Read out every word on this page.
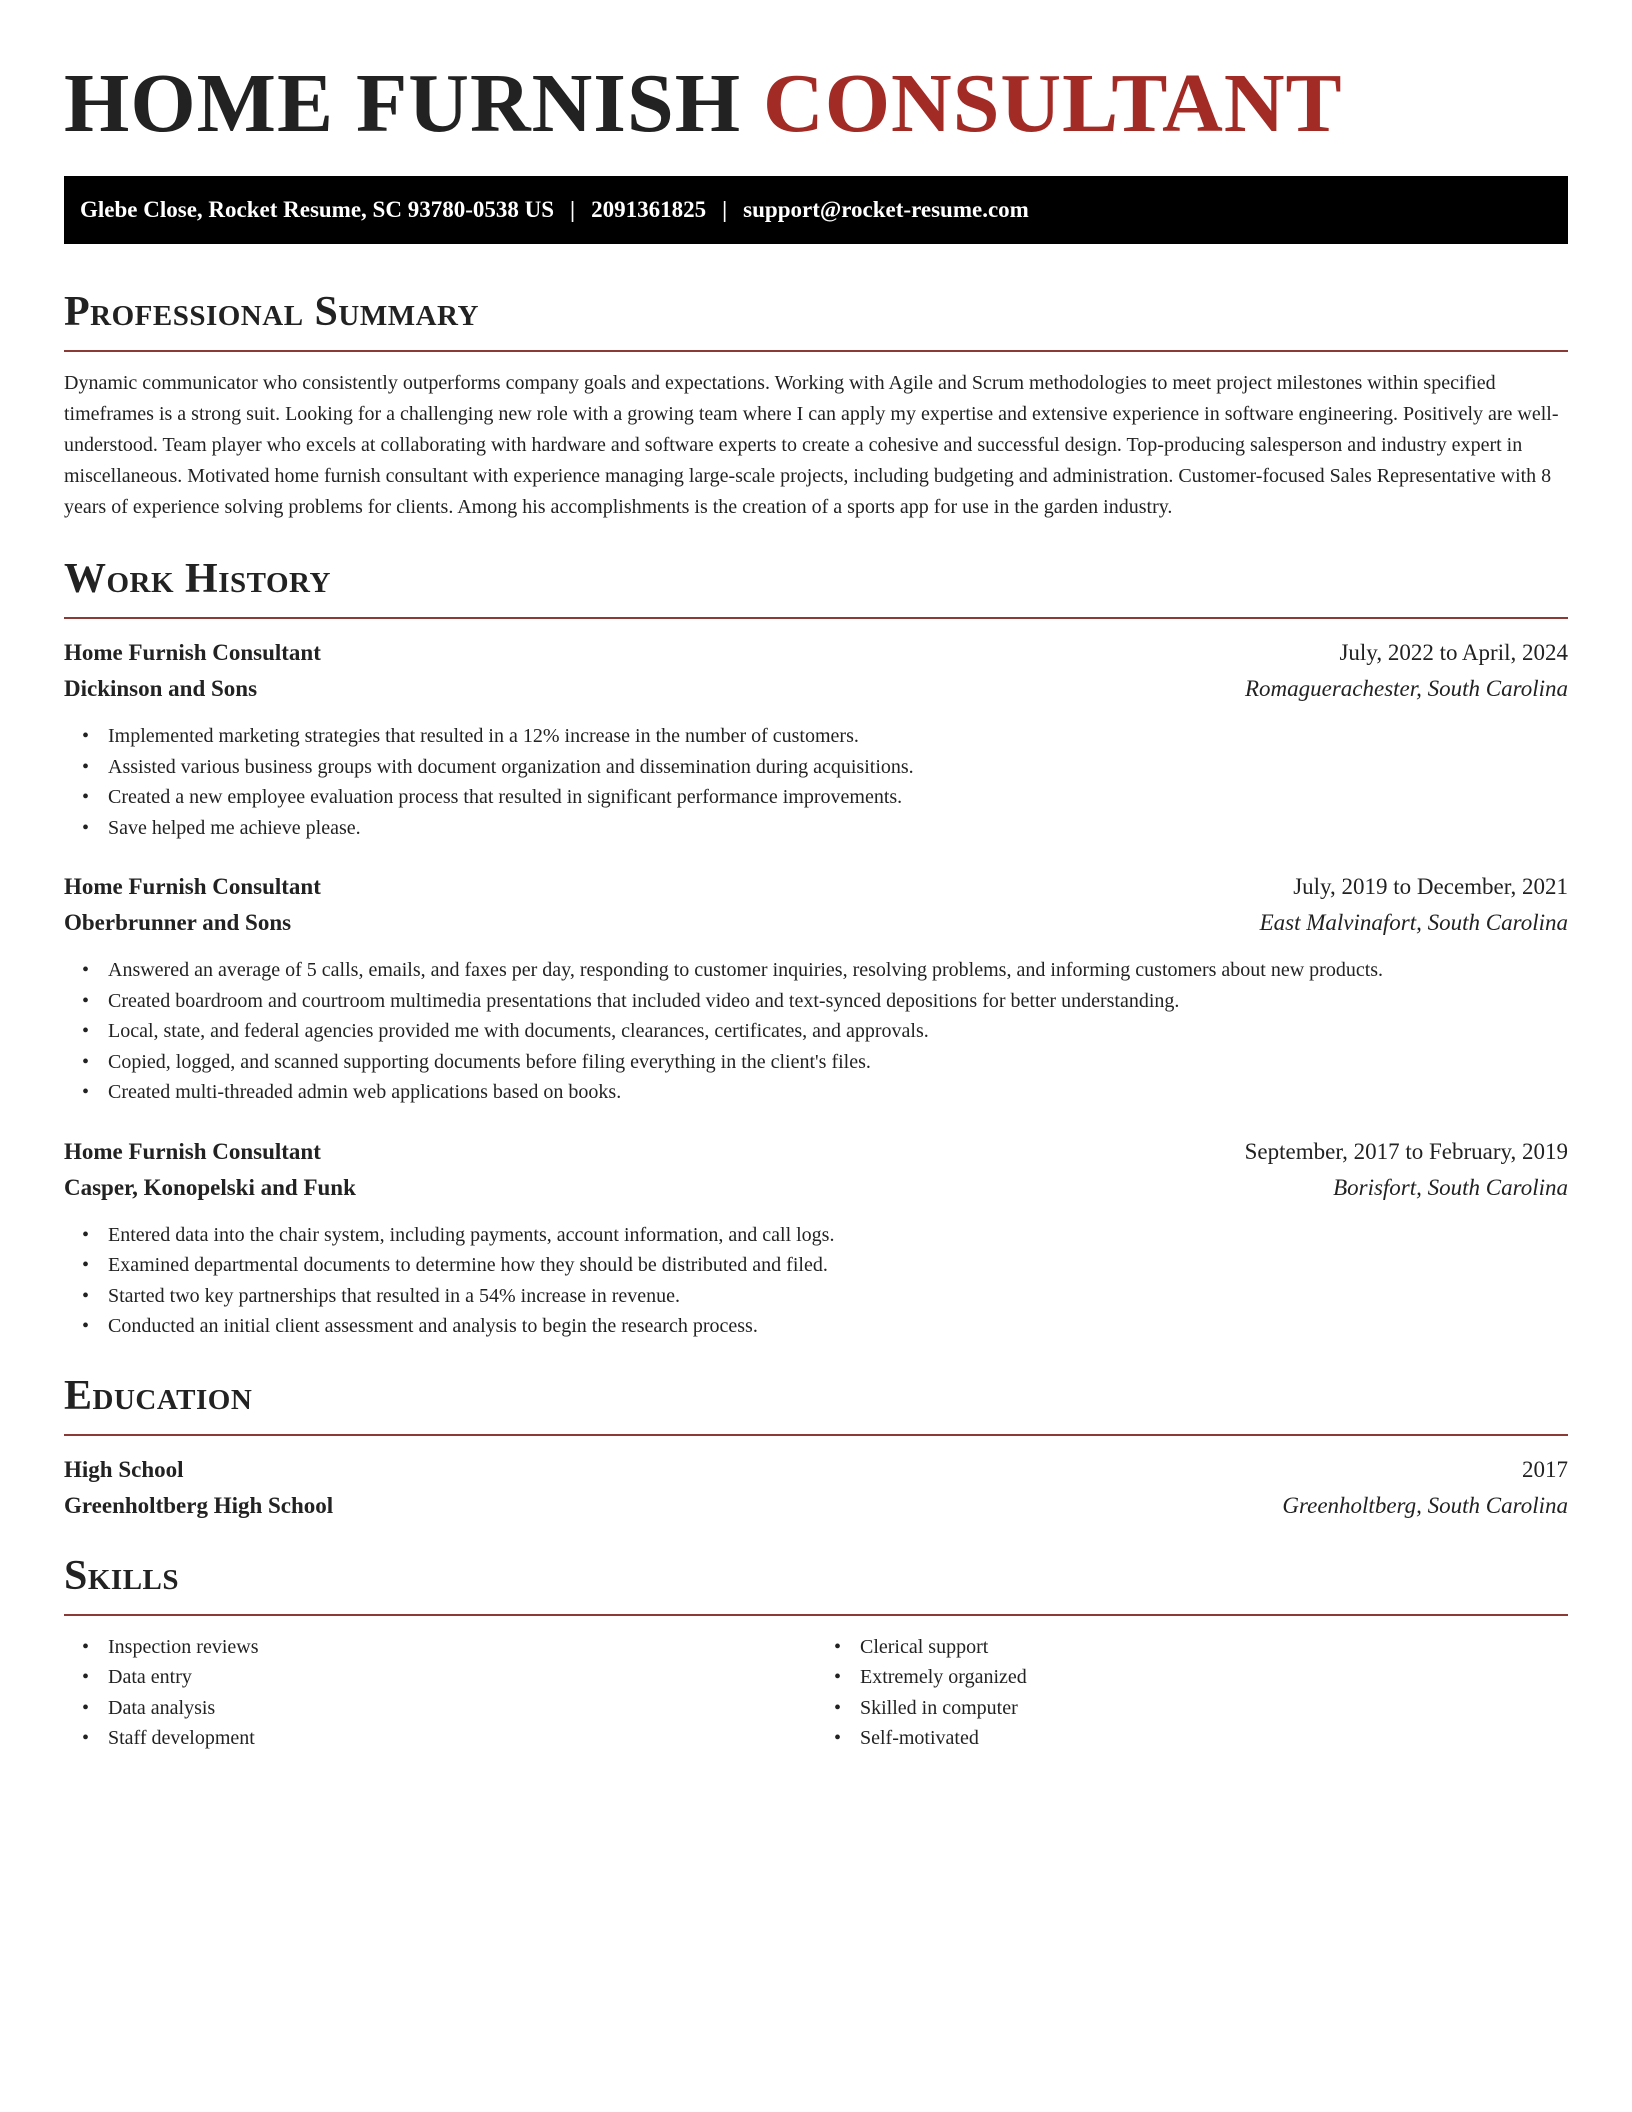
HOME FURNISH CONSULTANT
Glebe Close, Rocket Resume, SC 93780-0538 US | 2091361825 | support@rocket-resume.com
Professional Summary

Dynamic communicator who consistently outperforms company goals and expectations. Working with Agile and Scrum methodologies to meet project milestones within specified timeframes is a strong suit. Looking for a challenging new role with a growing team where I can apply my expertise and extensive experience in software engineering. Positively are well-understood. Team player who excels at collaborating with hardware and software experts to create a cohesive and successful design. Top-producing salesperson and industry expert in miscellaneous. Motivated home furnish consultant with experience managing large-scale projects, including budgeting and administration. Customer-focused Sales Representative with 8 years of experience solving problems for clients. Among his accomplishments is the creation of a sports app for use in the garden industry.

Work History
Home Furnish Consultant	July, 2022 to April, 2024
Dickinson and Sons	Romaguerachester, South Carolina
• Implemented marketing strategies that resulted in a 12% increase in the number of customers.
• Assisted various business groups with document organization and dissemination during acquisitions.
• Created a new employee evaluation process that resulted in significant performance improvements.
• Save helped me achieve please.
Home Furnish Consultant	July, 2019 to December, 2021
Oberbrunner and Sons	East Malvinafort, South Carolina
• Answered an average of 5 calls, emails, and faxes per day, responding to customer inquiries, resolving problems, and informing customers about new products.
• Created boardroom and courtroom multimedia presentations that included video and text-synced depositions for better understanding.
• Local, state, and federal agencies provided me with documents, clearances, certificates, and approvals.
• Copied, logged, and scanned supporting documents before filing everything in the client's files.
• Created multi-threaded admin web applications based on books.
Home Furnish Consultant	September, 2017 to February, 2019
Casper, Konopelski and Funk	Borisfort, South Carolina
• Entered data into the chair system, including payments, account information, and call logs.
• Examined departmental documents to determine how they should be distributed and filed.
• Started two key partnerships that resulted in a 54% increase in revenue.
• Conducted an initial client assessment and analysis to begin the research process.
Education
High School	2017
Greenholtberg High School	Greenholtberg, South Carolina
Skills
• Inspection reviews
• Data entry
• Data analysis
• Staff development
• Clerical support
• Extremely organized
• Skilled in computer
• Self-motivated
